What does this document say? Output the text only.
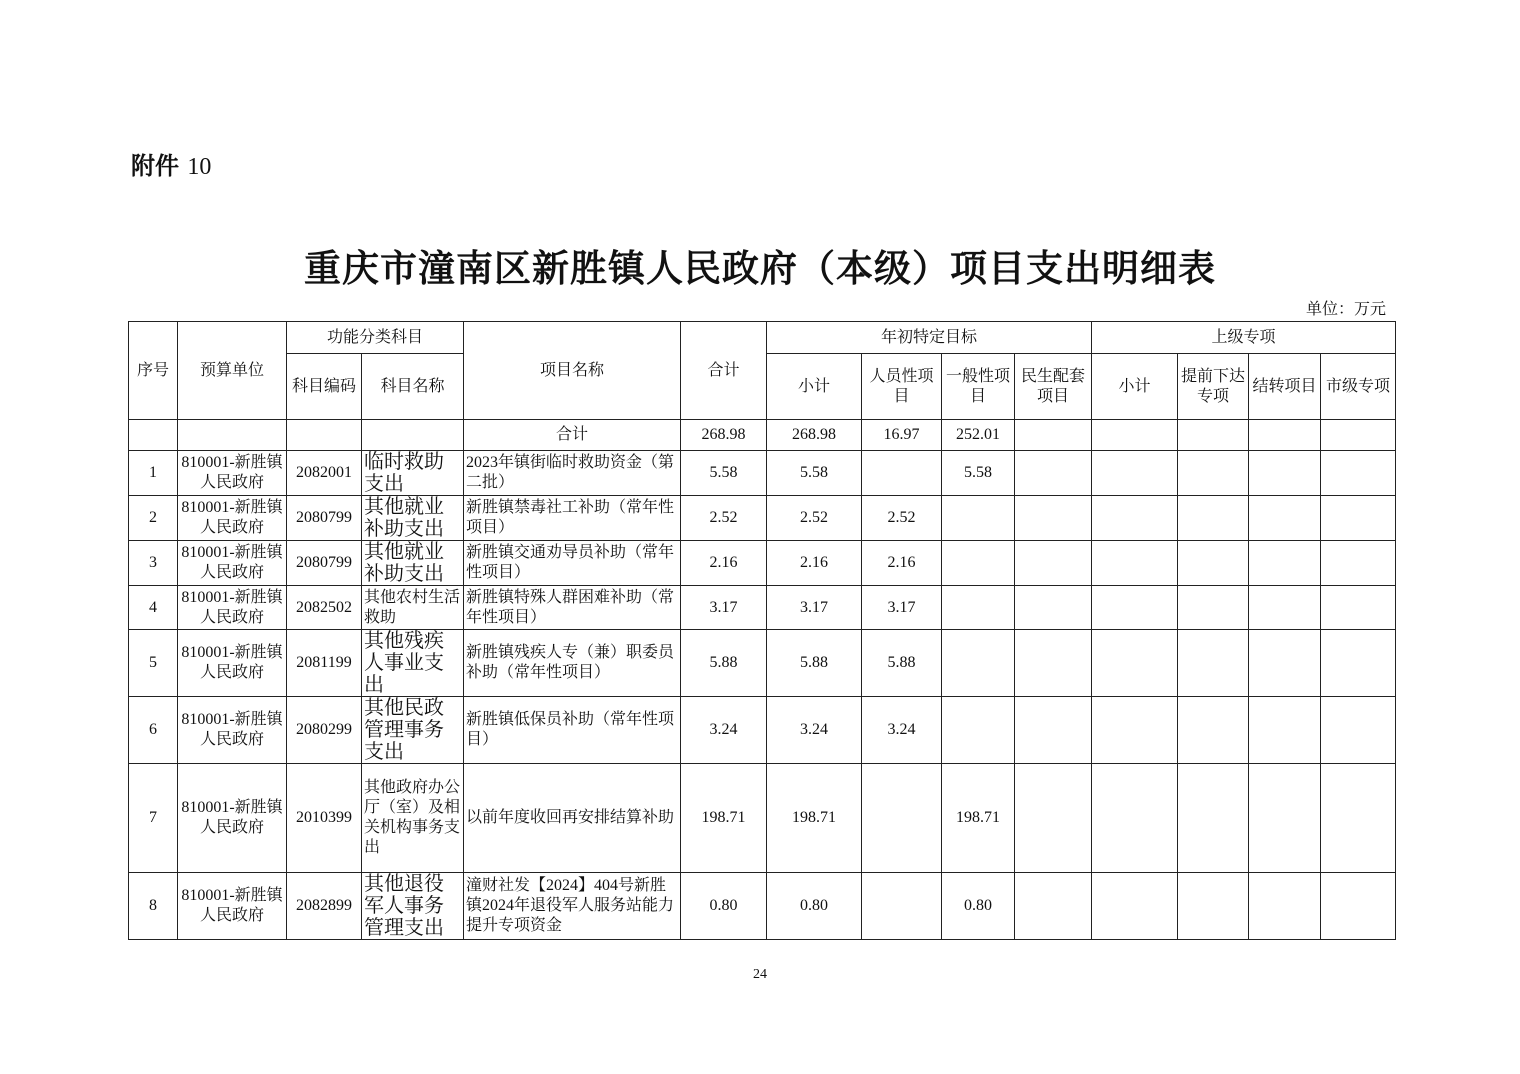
附件 10
重庆市潼南区新胜镇人民政府（本级）项目支出明细表
单位：万元
序号	预算单位	功能分类科目		项目名称	合计	年初特定目标				上级专项			
		科目编码	科目名称			小计	人员性项目	一般性项目	民生配套项目	小计	提前下达专项	结转项目	市级专项
				合计	268.98	268.98	16.97	252.01					
1	810001-新胜镇人民政府	2082001	临时救助支出	2023年镇街临时救助资金（第二批）	5.58	5.58		5.58					
2	810001-新胜镇人民政府	2080799	其他就业补助支出	新胜镇禁毒社工补助（常年性项目）	2.52	2.52	2.52						
3	810001-新胜镇人民政府	2080799	其他就业补助支出	新胜镇交通劝导员补助（常年性项目）	2.16	2.16	2.16						
4	810001-新胜镇人民政府	2082502	其他农村生活救助	新胜镇特殊人群困难补助（常年性项目）	3.17	3.17	3.17						
5	810001-新胜镇人民政府	2081199	其他残疾人事业支出	新胜镇残疾人专（兼）职委员补助（常年性项目）	5.88	5.88	5.88						
6	810001-新胜镇人民政府	2080299	其他民政管理事务支出	新胜镇低保员补助（常年性项目）	3.24	3.24	3.24						
7	810001-新胜镇人民政府	2010399	其他政府办公厅（室）及相关机构事务支出	以前年度收回再安排结算补助	198.71	198.71		198.71					
8	810001-新胜镇人民政府	2082899	其他退役军人事务管理支出	潼财社发【2024】404号新胜镇2024年退役军人服务站能力提升专项资金	0.80	0.80		0.80					
24
